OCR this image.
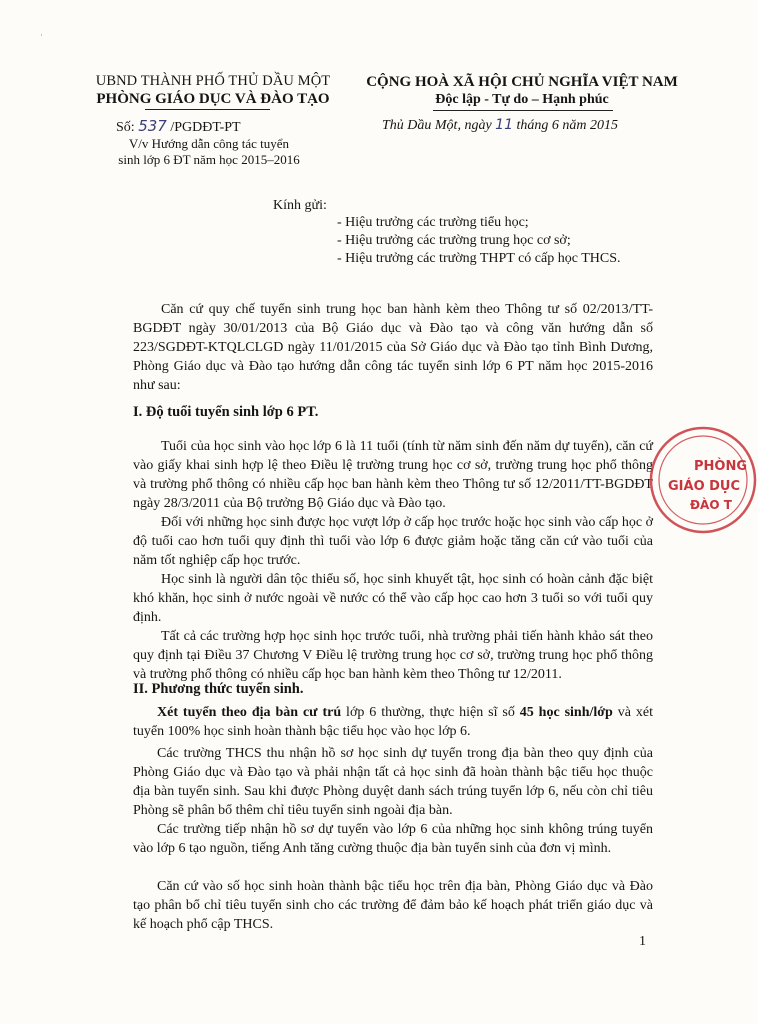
UBND THÀNH PHỐ THỦ DẦU MỘT
PHÒNG GIÁO DỤC VÀ ĐÀO TẠO
CỘNG HOÀ XÃ HỘI CHỦ NGHĨA VIỆT NAM
Độc lập - Tự do – Hạnh phúc
Số: 537 /PGDĐT-PT	Thủ Dầu Một, ngày 11 tháng 6 năm 2015
V/v Hướng dẫn công tác tuyển
sinh lớp 6 ĐT năm học 2015–2016
Kính gửi:
- Hiệu trưởng các trường tiểu học;
- Hiệu trưởng các trường trung học cơ sở;
- Hiệu trưởng các trường THPT có cấp học THCS.

Căn cứ quy chế tuyển sinh trung học ban hành kèm theo Thông tư số 02/2013/TT-BGDĐT ngày 30/01/2013 của Bộ Giáo dục và Đào tạo và công văn hướng dẫn số 223/SGDĐT-KTQLCLGD ngày 11/01/2015 của Sở Giáo dục và Đào tạo tỉnh Bình Dương, Phòng Giáo dục và Đào tạo hướng dẫn công tác tuyển sinh lớp 6 PT năm học 2015-2016 như sau:

I. Độ tuổi tuyển sinh lớp 6 PT.

Tuổi của học sinh vào học lớp 6 là 11 tuổi (tính từ năm sinh đến năm dự tuyển), căn cứ vào giấy khai sinh hợp lệ theo Điều lệ trường trung học cơ sở, trường trung học phổ thông và trường phổ thông có nhiều cấp học ban hành kèm theo Thông tư số 12/2011/TT-BGDĐT ngày 28/3/2011 của Bộ trưởng Bộ Giáo dục và Đào tạo.

Đối với những học sinh được học vượt lớp ở cấp học trước hoặc học sinh vào cấp học ở độ tuổi cao hơn tuổi quy định thì tuổi vào lớp 6 được giảm hoặc tăng căn cứ vào tuổi của năm tốt nghiệp cấp học trước.

Học sinh là người dân tộc thiểu số, học sinh khuyết tật, học sinh có hoàn cảnh đặc biệt khó khăn, học sinh ở nước ngoài về nước có thể vào cấp học cao hơn 3 tuổi so với tuổi quy định.

Tất cả các trường hợp học sinh học trước tuổi, nhà trường phải tiến hành khảo sát theo quy định tại Điều 37 Chương V Điều lệ trường trung học cơ sở, trường trung học phổ thông và trường phổ thông có nhiều cấp học ban hành kèm theo Thông tư 12/2011.

II. Phương thức tuyển sinh.

Xét tuyển theo địa bàn cư trú lớp 6 thường, thực hiện sĩ số 45 học sinh/lớp và xét tuyển 100% học sinh hoàn thành bậc tiểu học vào học lớp 6.

Các trường THCS thu nhận hồ sơ học sinh dự tuyển trong địa bàn theo quy định của Phòng Giáo dục và Đào tạo và phải nhận tất cả học sinh đã hoàn thành bậc tiểu học thuộc địa bàn tuyển sinh. Sau khi được Phòng duyệt danh sách trúng tuyển lớp 6, nếu còn chỉ tiêu Phòng sẽ phân bổ thêm chỉ tiêu tuyển sinh ngoài địa bàn.

Các trường tiếp nhận hồ sơ dự tuyển vào lớp 6 của những học sinh không trúng tuyển vào lớp 6 tạo nguồn, tiếng Anh tăng cường thuộc địa bàn tuyển sinh của đơn vị mình.

Căn cứ vào số học sinh hoàn thành bậc tiểu học trên địa bàn, Phòng Giáo dục và Đào tạo phân bổ chỉ tiêu tuyển sinh cho các trường để đảm bảo kế hoạch phát triển giáo dục và kế hoạch phổ cập THCS.

1
PHÒNG
GIÁO DỤC
ĐÀO T
·
